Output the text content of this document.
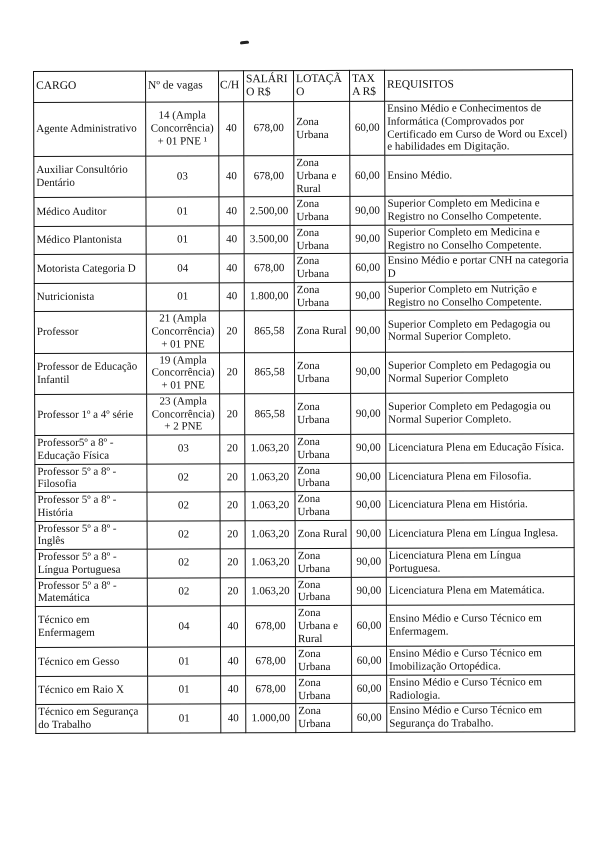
CARGO	Nº de vagas	C/H	SALÁRIO R$	LOTAÇÃO	TAXA R$	REQUISITOS
Agente Administrativo	14 (Ampla Concorrência) + 01 PNE ¹	40	678,00	Zona Urbana	60,00	Ensino Médio e Conhecimentos de Informática (Comprovados por Certificado em Curso de Word ou Excel) e habilidades em Digitação.
Auxiliar Consultório Dentário	03	40	678,00	Zona Urbana e Rural	60,00	Ensino Médio.
Médico Auditor	01	40	2.500,00	Zona Urbana	90,00	Superior Completo em Medicina e Registro no Conselho Competente.
Médico Plantonista	01	40	3.500,00	Zona Urbana	90,00	Superior Completo em Medicina e Registro no Conselho Competente.
Motorista Categoria D	04	40	678,00	Zona Urbana	60,00	Ensino Médio e portar CNH na categoria D
Nutricionista	01	40	1.800,00	Zona Urbana	90,00	Superior Completo em Nutrição e Registro no Conselho Competente.
Professor	21 (Ampla Concorrência) + 01 PNE	20	865,58	Zona Rural	90,00	Superior Completo em Pedagogia ou Normal Superior Completo.
Professor de Educação Infantil	19 (Ampla Concorrência) + 01 PNE	20	865,58	Zona Urbana	90,00	Superior Completo em Pedagogia ou Normal Superior Completo
Professor 1º a 4º série	23 (Ampla Concorrência) + 2 PNE	20	865,58	Zona Urbana	90,00	Superior Completo em Pedagogia ou Normal Superior Completo.
Professor5º a 8º - Educação Física	03	20	1.063,20	Zona Urbana	90,00	Licenciatura Plena em Educação Física.
Professor 5º a 8º - Filosofia	02	20	1.063,20	Zona Urbana	90,00	Licenciatura Plena em Filosofia.
Professor 5º a 8º - História	02	20	1.063,20	Zona Urbana	90,00	Licenciatura Plena em História.
Professor 5º a 8º - Inglês	02	20	1.063,20	Zona Rural	90,00	Licenciatura Plena em Língua Inglesa.
Professor 5º a 8º - Língua Portuguesa	02	20	1.063,20	Zona Urbana	90,00	Licenciatura Plena em Língua Portuguesa.
Professor 5º a 8º - Matemática	02	20	1.063,20	Zona Urbana	90,00	Licenciatura Plena em Matemática.
Técnico em Enfermagem	04	40	678,00	Zona Urbana e Rural	60,00	Ensino Médio e Curso Técnico em Enfermagem.
Técnico em Gesso	01	40	678,00	Zona Urbana	60,00	Ensino Médio e Curso Técnico em Imobilização Ortopédica.
Técnico em Raio X	01	40	678,00	Zona Urbana	60,00	Ensino Médio e Curso Técnico em Radiologia.
Técnico em Segurança do Trabalho	01	40	1.000,00	Zona Urbana	60,00	Ensino Médio e Curso Técnico em Segurança do Trabalho.
